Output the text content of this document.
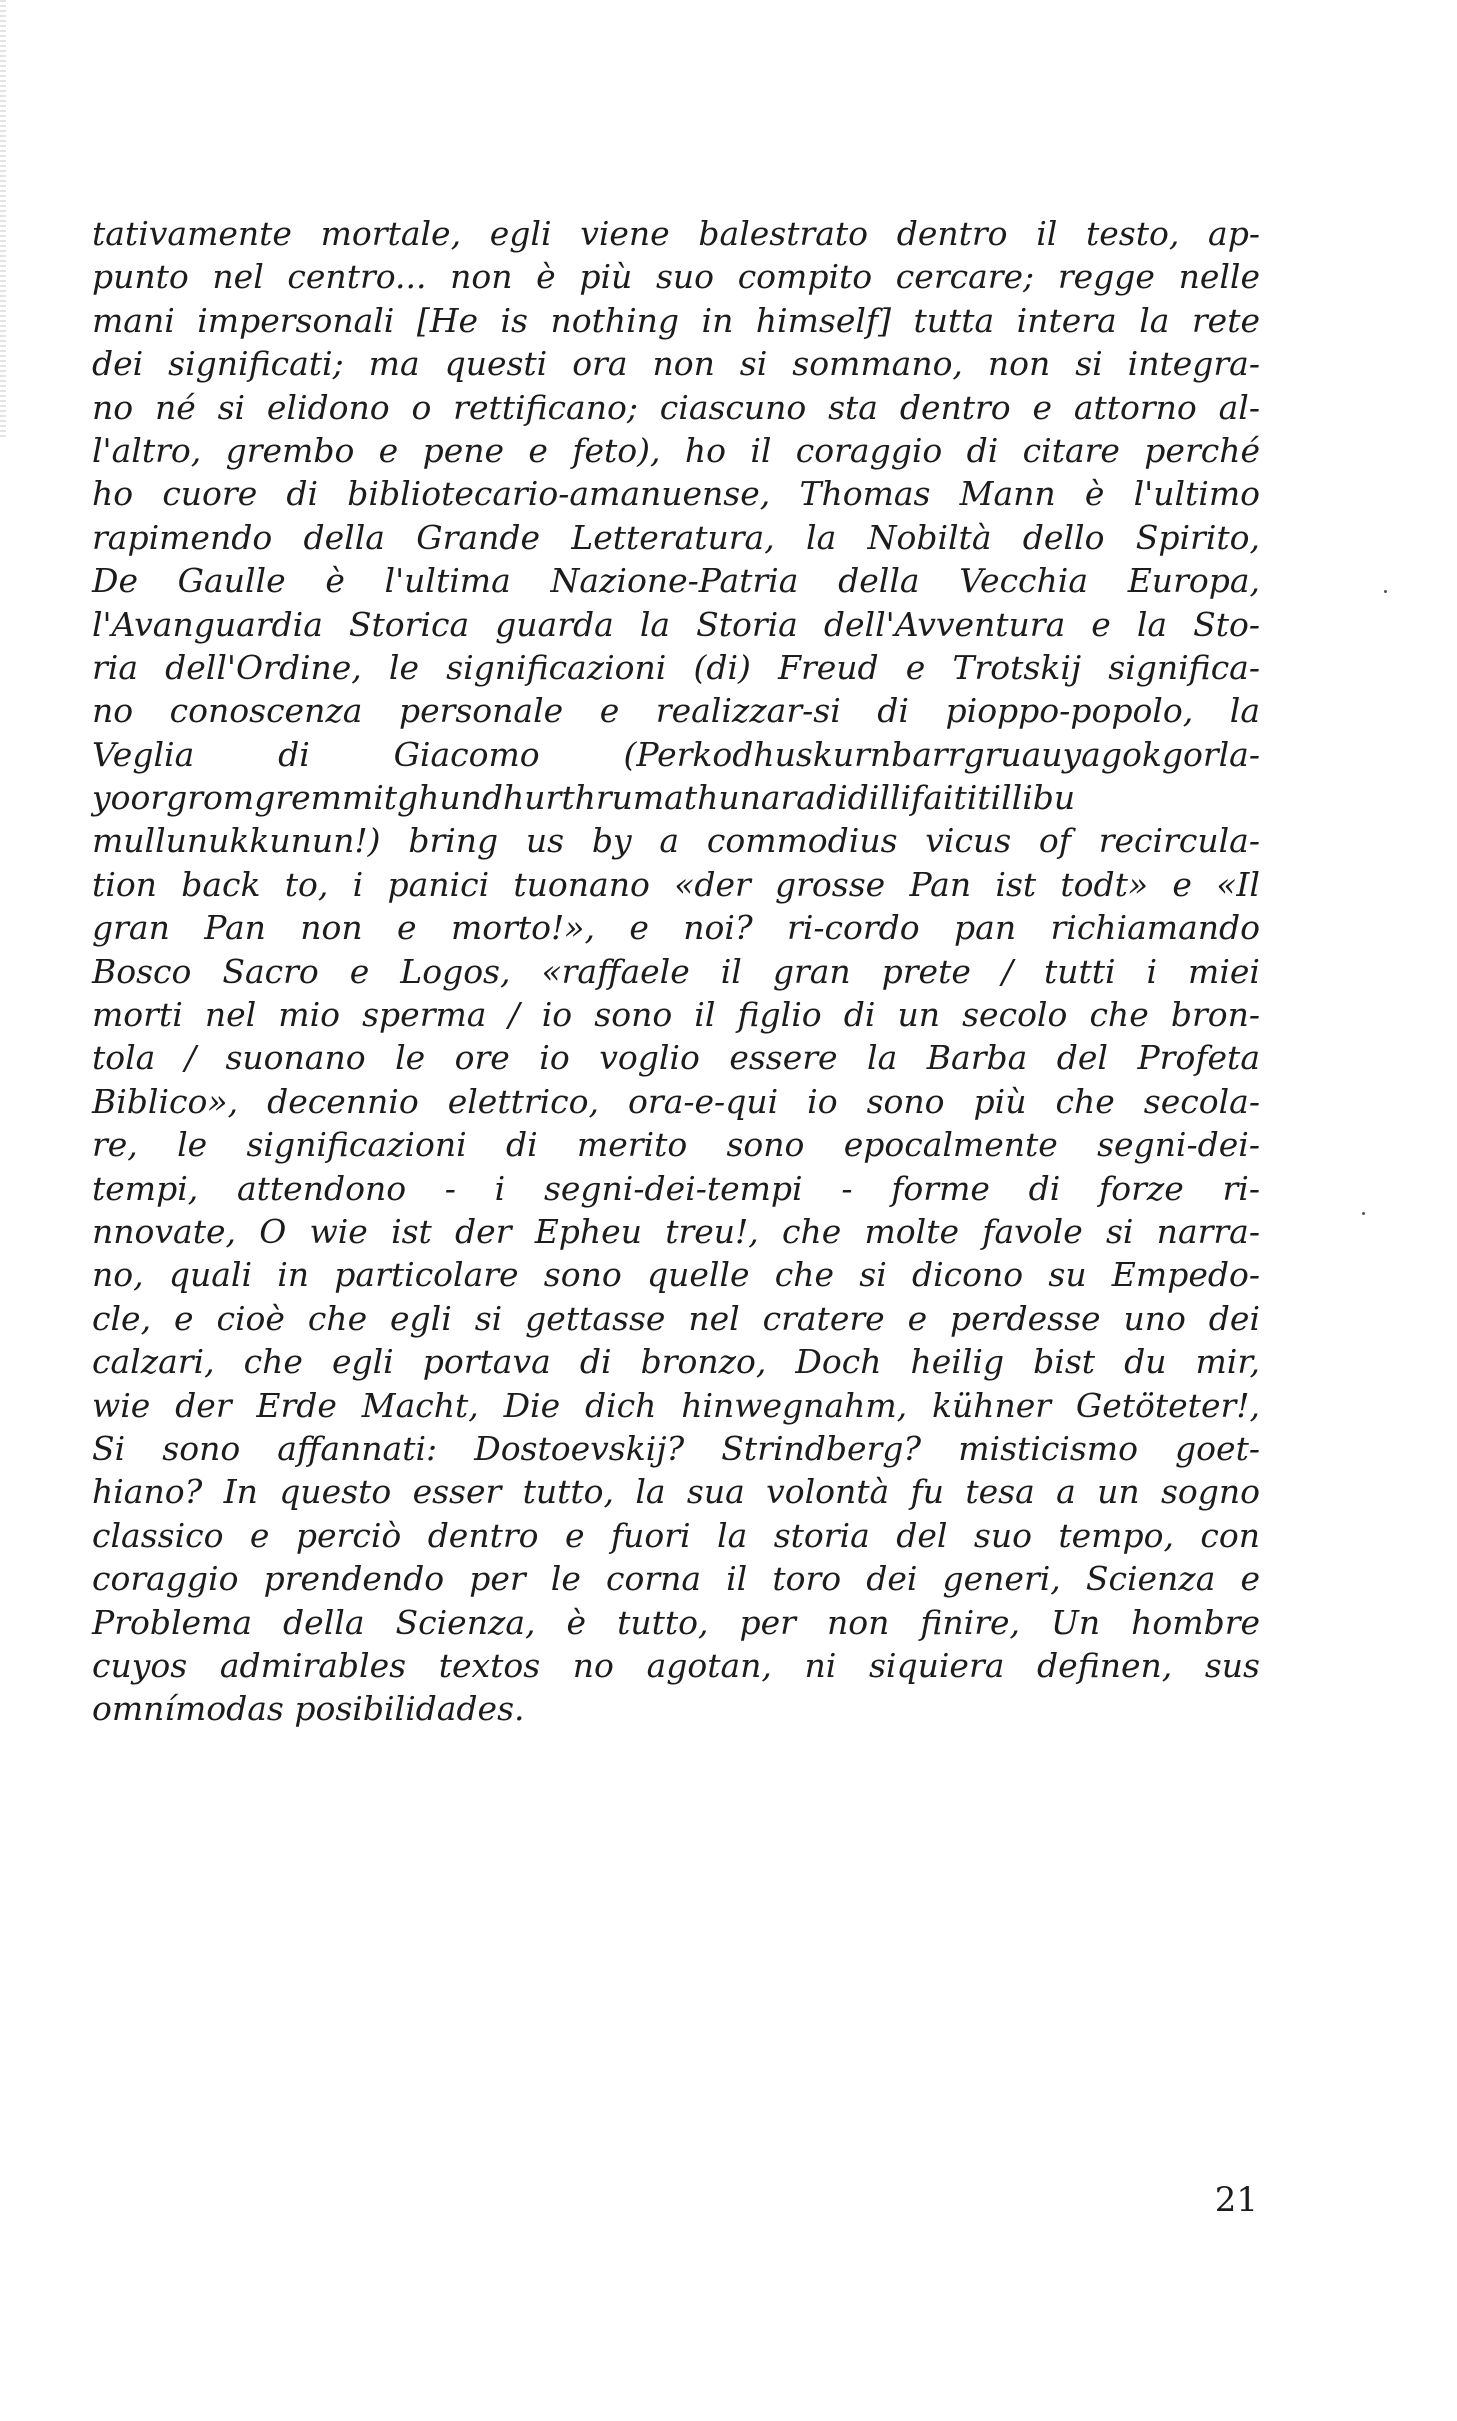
tativamente mortale, egli viene balestrato dentro il testo, ap-
punto nel centro... non è più suo compito cercare; regge nelle
mani impersonali [He is nothing in himself] tutta intera la rete
dei significati; ma questi ora non si sommano, non si integra-
no né si elidono o rettificano; ciascuno sta dentro e attorno al-
l'altro, grembo e pene e feto), ho il coraggio di citare perché
ho cuore di bibliotecario-amanuense, Thomas Mann è l'ultimo
rapimendo della Grande Letteratura, la Nobiltà dello Spirito,
De Gaulle è l'ultima Nazione-Patria della Vecchia Europa,
l'Avanguardia Storica guarda la Storia dell'Avventura e la Sto-
ria dell'Ordine, le significazioni (di) Freud e Trotskij significa-
no conoscenza personale e realizzar-si di pioppo-popolo, la
Veglia di Giacomo (Perkodhuskurnbarrgruauyagokgorla-
yoorgromgremmitghundhurthrumathunaradidillifaititillibu
mullunukkunun!) bring us by a commodius vicus of recircula-
tion back to, i panici tuonano «der grosse Pan ist todt» e «Il
gran Pan non e morto!», e noi? ri-cordo pan richiamando
Bosco Sacro e Logos, «raffaele il gran prete / tutti i miei
morti nel mio sperma / io sono il figlio di un secolo che bron-
tola / suonano le ore io voglio essere la Barba del Profeta
Biblico», decennio elettrico, ora-e-qui io sono più che secola-
re, le significazioni di merito sono epocalmente segni-dei-
tempi, attendono - i segni-dei-tempi - forme di forze ri-
nnovate, O wie ist der Epheu treu!, che molte favole si narra-
no, quali in particolare sono quelle che si dicono su Empedo-
cle, e cioè che egli si gettasse nel cratere e perdesse uno dei
calzari, che egli portava di bronzo, Doch heilig bist du mir,
wie der Erde Macht, Die dich hinwegnahm, kühner Getöteter!,
Si sono affannati: Dostoevskij? Strindberg? misticismo goet-
hiano? In questo esser tutto, la sua volontà fu tesa a un sogno
classico e perciò dentro e fuori la storia del suo tempo, con
coraggio prendendo per le corna il toro dei generi, Scienza e
Problema della Scienza, è tutto, per non finire, Un hombre
cuyos admirables textos no agotan, ni siquiera definen, sus
omnímodas posibilidades.
21
